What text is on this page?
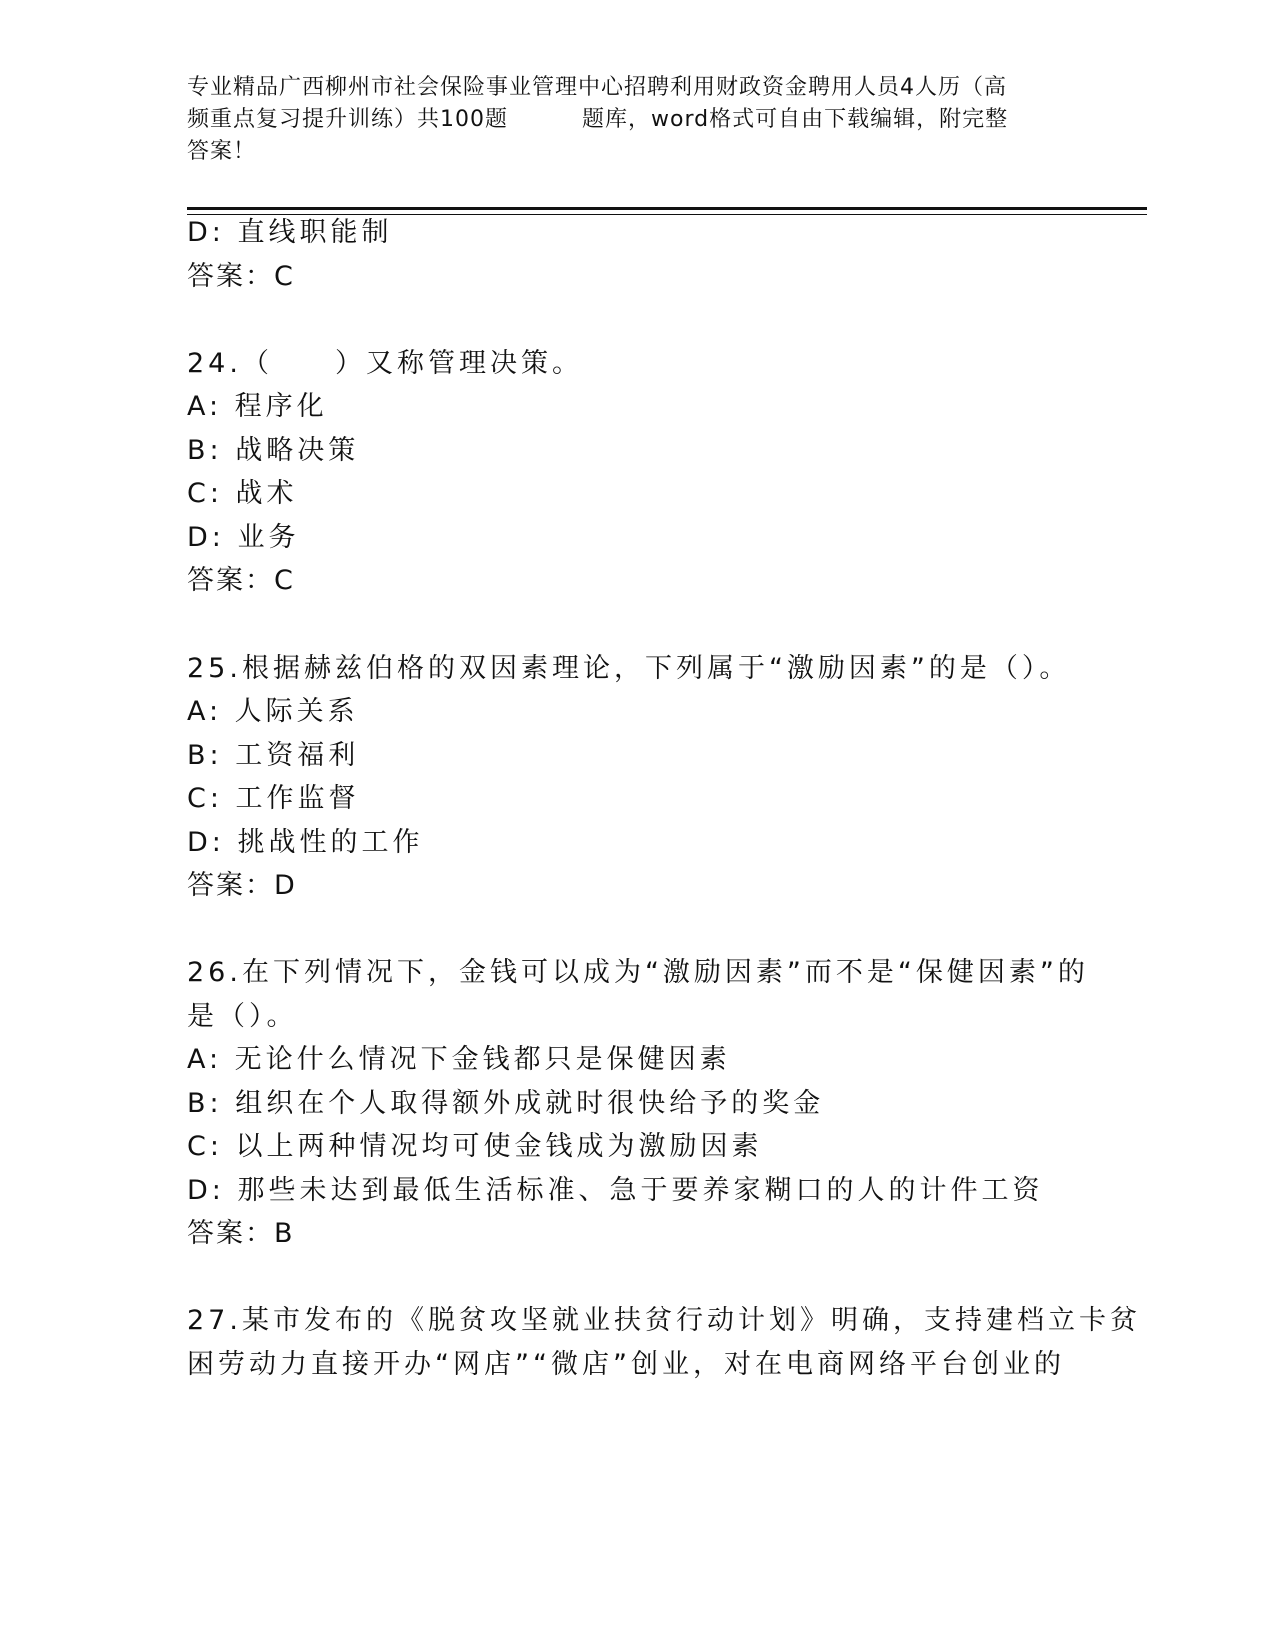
专业精品广西柳州市社会保险事业管理中心招聘利用财政资金聘用人员4人历（高
频重点复习提升训练）共100题	题库，word格式可自由下载编辑，附完整
答案！
D: 直线职能制
答案：C
24.（　　）又称管理决策。
A: 程序化
B: 战略决策
C: 战术
D: 业务
答案：C
25.根据赫兹伯格的双因素理论，下列属于“激励因素”的是（）。
A: 人际关系
B: 工资福利
C: 工作监督
D: 挑战性的工作
答案：D
26.在下列情况下，金钱可以成为“激励因素”而不是“保健因素”的
是（）。
A: 无论什么情况下金钱都只是保健因素
B: 组织在个人取得额外成就时很快给予的奖金
C: 以上两种情况均可使金钱成为激励因素
D: 那些未达到最低生活标准、急于要养家糊口的人的计件工资
答案：B
27.某市发布的《脱贫攻坚就业扶贫行动计划》明确，支持建档立卡贫
困劳动力直接开办“网店”“微店”创业，对在电商网络平台创业的
